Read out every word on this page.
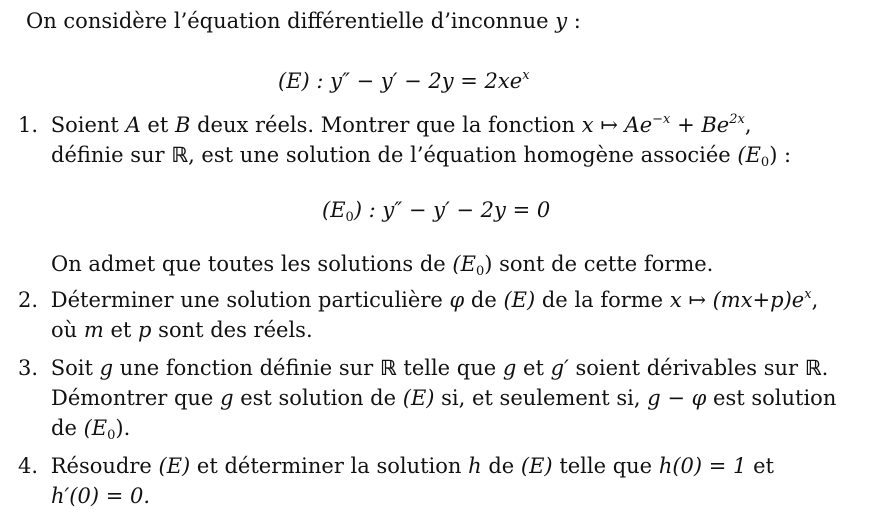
On considère l’équation différentielle d’inconnue y :
(E) : $y'' - y' - 2y = 2xe^x$
1. Soient A et B deux réels. Montrer que la fonction x ↦ $Ae^{-x} + Be^{2x}$,
définie sur ℝ, est une solution de l’équation homogène associée $(E_0)$ :
$(E_0)$ : y″ − y′ − 2y = 0
On admet que toutes les solutions de $(E_0)$ sont de cette forme.
2. Déterminer une solution particulière φ de (E) de la forme x ↦ $(mx+p)e^x$,
où m et p sont des réels.
3. Soit g une fonction définie sur ℝ telle que g et g′ soient dérivables sur ℝ.
Démontrer que g est solution de (E) si, et seulement si, g − φ est solution
de $(E_0)$.
4. Résoudre (E) et déterminer la solution h de (E) telle que h(0) = 1 et
h′(0) = 0.
